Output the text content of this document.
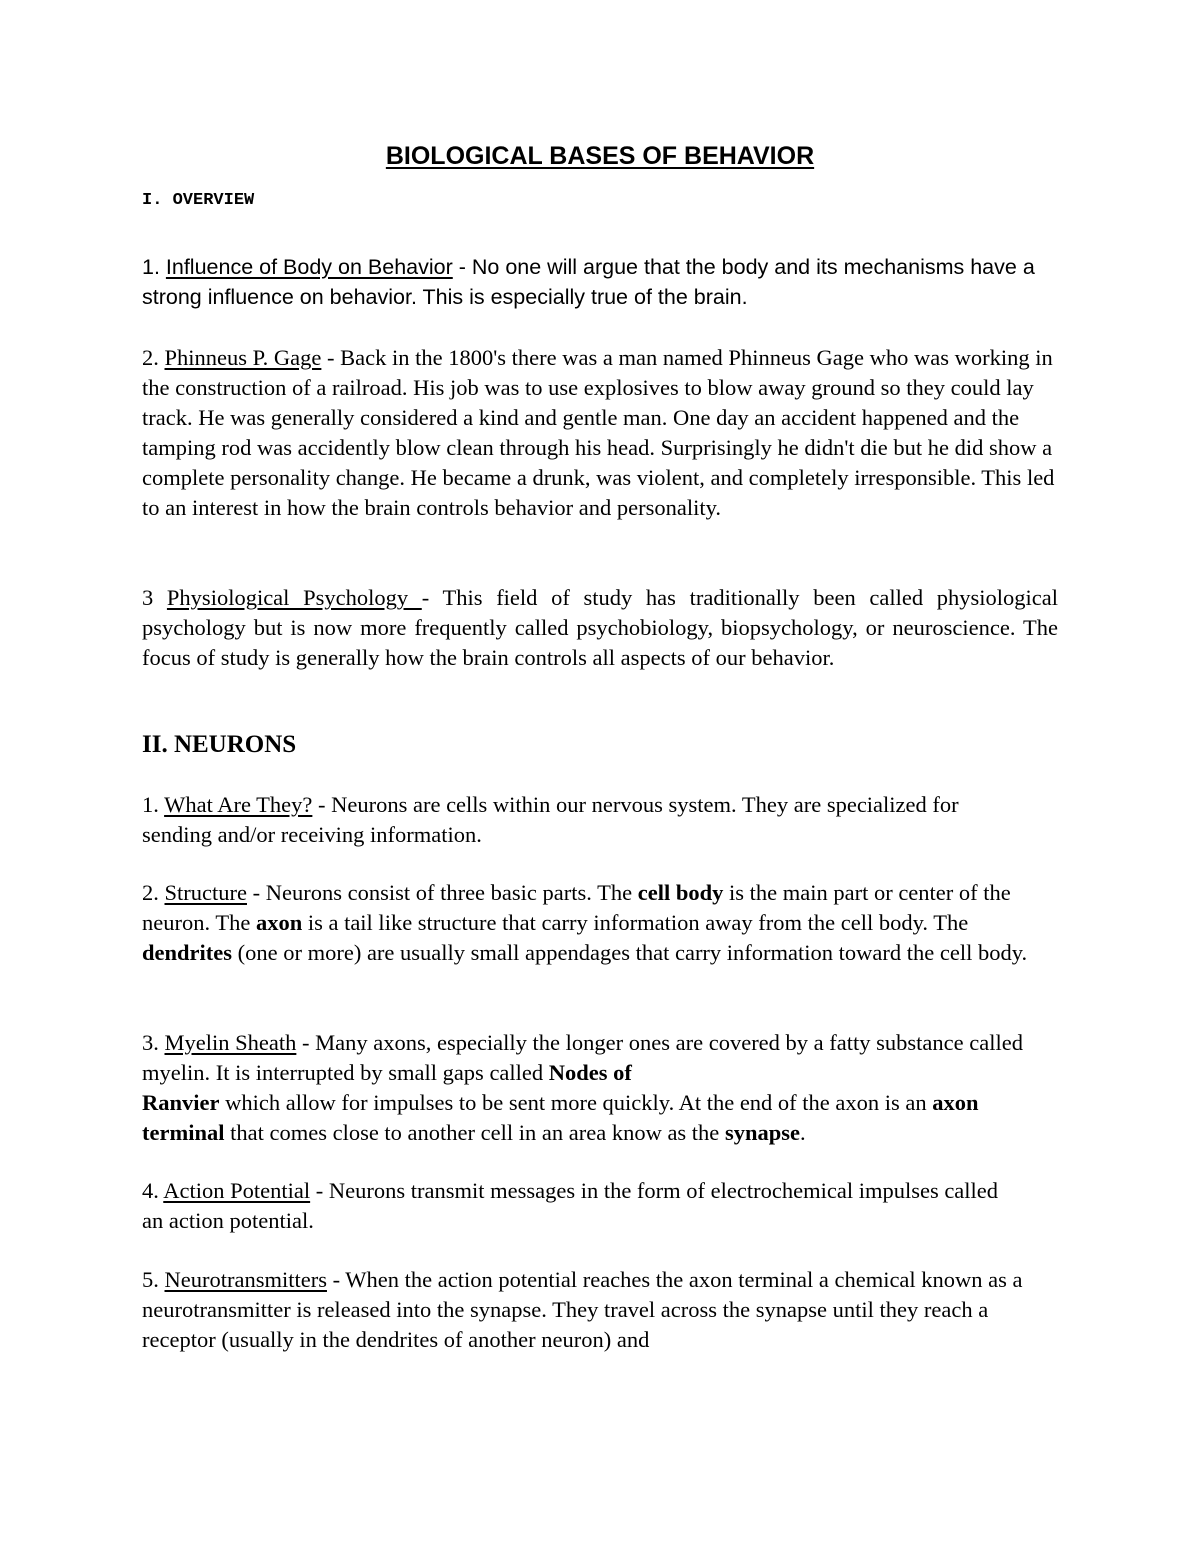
BIOLOGICAL BASES OF BEHAVIOR
I. OVERVIEW

1. Influence of Body on Behavior - No one will argue that the body and its mechanisms have a strong influence on behavior. This is especially true of the brain.

2. Phinneus P. Gage - Back in the 1800's there was a man named Phinneus Gage who was working in the construction of a railroad. His job was to use explosives to blow away ground so they could lay track. He was generally considered a kind and gentle man. One day an accident happened and the tamping rod was accidently blow clean through his head. Surprisingly he didn't die but he did show a complete personality change. He became a drunk, was violent, and completely irresponsible. This led to an interest in how the brain controls behavior and personality.

3 Physiological Psychology - This field of study has traditionally been called physiological psychology but is now more frequently called psychobiology, biopsychology, or neuroscience. The focus of study is generally how the brain controls all aspects of our behavior.

II. NEURONS

1. What Are They? - Neurons are cells within our nervous system. They are specialized for sending and/or receiving information.

2. Structure - Neurons consist of three basic parts. The cell body is the main part or center of the neuron. The axon is a tail like structure that carry information away from the cell body. The dendrites (one or more) are usually small appendages that carry information toward the cell body.

3. Myelin Sheath - Many axons, especially the longer ones are covered by a fatty substance called myelin. It is interrupted by small gaps called Nodes of
Ranvier which allow for impulses to be sent more quickly. At the end of the axon is an axon terminal that comes close to another cell in an area know as the synapse.

4. Action Potential - Neurons transmit messages in the form of electrochemical impulses called an action potential.

5. Neurotransmitters - When the action potential reaches the axon terminal a chemical known as a neurotransmitter is released into the synapse. They travel across the synapse until they reach a receptor (usually in the dendrites of another neuron) and
